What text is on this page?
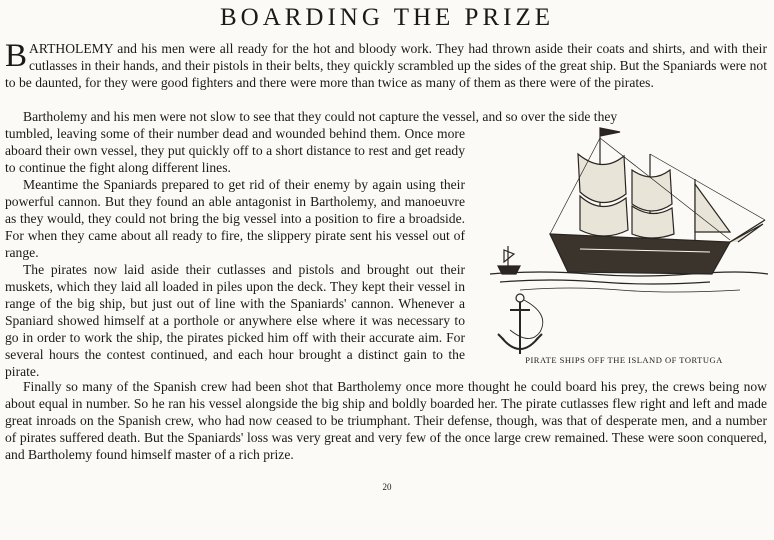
BOARDING THE PRIZE
BARTHOLEMY and his men were all ready for the hot and bloody work. They had thrown aside their coats and shirts, and with their cutlasses in their hands, and their pistols in their belts, they quickly scrambled up the sides of the great ship. But the Spaniards were not to be daunted, for they were good fighters and there were more than twice as many of them as there were of the pirates.
Bartholemy and his men were not slow to see that they could not capture the vessel, and so over the side they
tumbled, leaving some of their number dead and wounded behind them. Once more aboard their own vessel, they put quickly off to a short distance to rest and get ready to continue the fight along different lines.
Meantime the Spaniards prepared to get rid of their enemy by again using their powerful cannon. But they found an able antagonist in Bartholemy, and manoeuvre as they would, they could not bring the big vessel into a position to fire a broadside. For when they came about all ready to fire, the slippery pirate sent his vessel out of range.
The pirates now laid aside their cutlasses and pistols and brought out their muskets, which they laid all loaded in piles upon the deck. They kept their vessel in range of the big ship, but just out of line with the Spaniards' cannon. Whenever a Spaniard showed himself at a porthole or anywhere else where it was necessary to go in order to work the ship, the pirates picked him off with their accurate aim. For several hours the contest continued, and each hour brought a distinct gain to the pirate.
Finally so many of the Spanish crew had been shot that Bartholemy once more thought he could board his prey, the crews being now about equal in number. So he ran his vessel alongside the big ship and boldly boarded her. The pirate cutlasses flew right and left and made great inroads on the Spanish crew, who had now ceased to be triumphant. Their defense, though, was that of desperate men, and a number of pirates suffered death. But the Spaniards' loss was very great and very few of the once large crew remained. These were soon conquered, and Bartholemy found himself master of a rich prize.
PIRATE SHIPS OFF THE ISLAND OF TORTUGA
20
